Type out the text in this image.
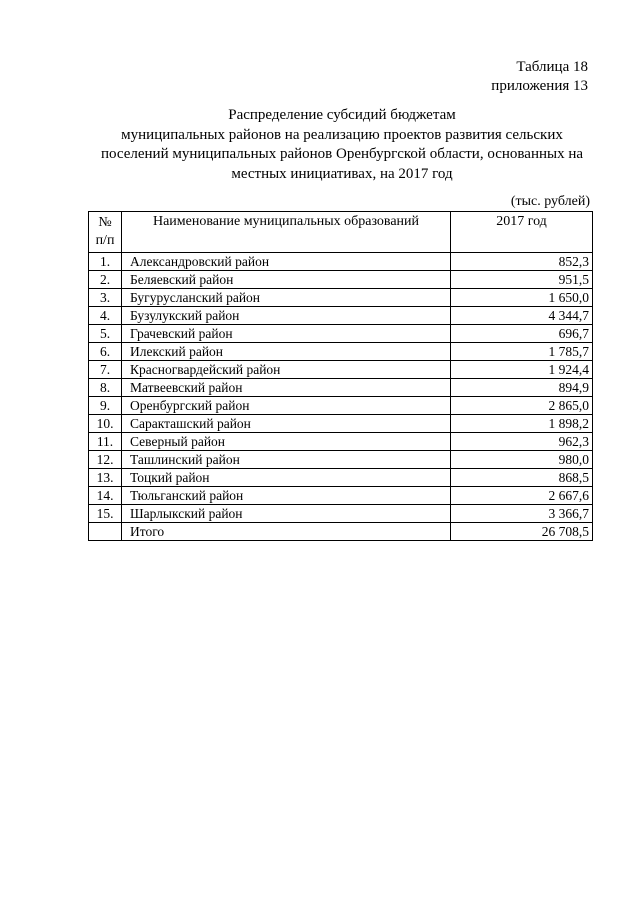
Таблица 18
приложения 13
Распределение субсидий бюджетам
муниципальных районов на реализацию проектов развития сельских
поселений муниципальных районов Оренбургской области, основанных на
местных инициативах, на 2017 год
(тыс. рублей)
№ п/п	Наименование муниципальных образований	2017 год
1.	Александровский район	852,3
2.	Беляевский район	951,5
3.	Бугурусланский район	1 650,0
4.	Бузулукский район	4 344,7
5.	Грачевский район	696,7
6.	Илекский район	1 785,7
7.	Красногвардейский район	1 924,4
8.	Матвеевский район	894,9
9.	Оренбургский район	2 865,0
10.	Саракташский район	1 898,2
11.	Северный район	962,3
12.	Ташлинский район	980,0
13.	Тоцкий район	868,5
14.	Тюльганский район	2 667,6
15.	Шарлыкский район	3 366,7
	Итого	26 708,5
